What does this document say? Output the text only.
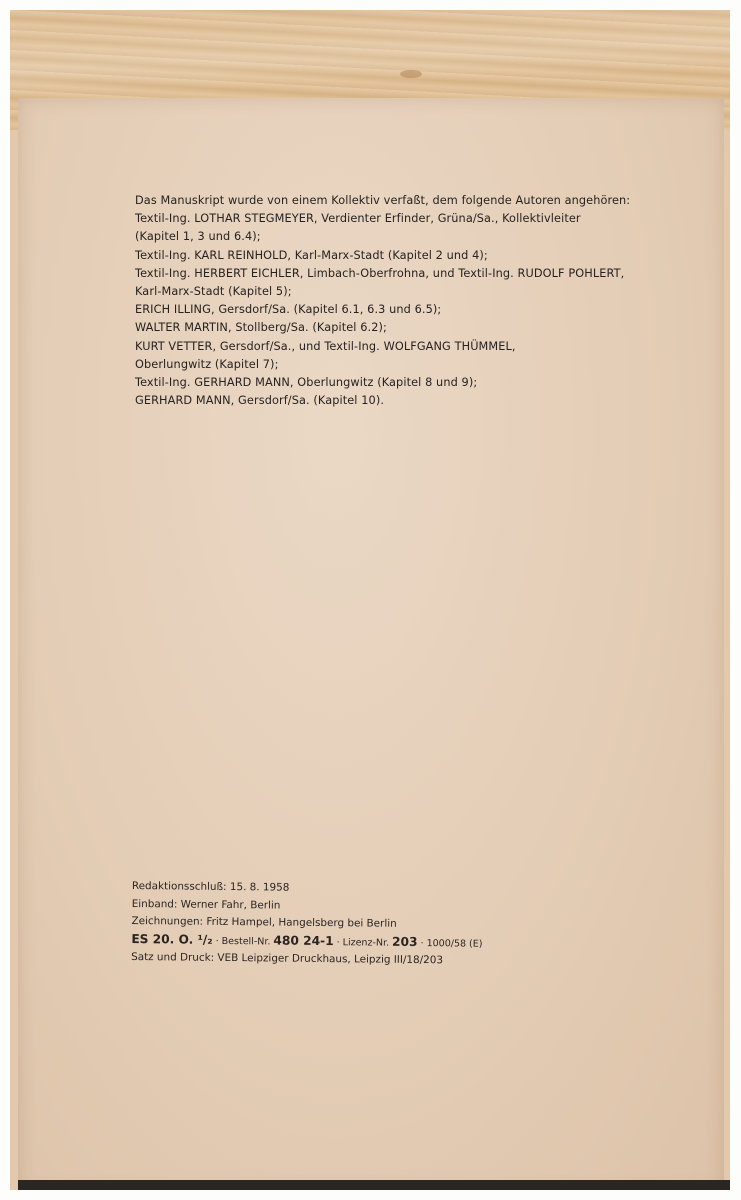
Das Manuskript wurde von einem Kollektiv verfaßt, dem folgende Autoren angehören:
Textil-Ing. LOTHAR STEGMEYER, Verdienter Erfinder, Grüna/Sa., Kollektivleiter
(Kapitel 1, 3 und 6.4);
Textil-Ing. KARL REINHOLD, Karl-Marx-Stadt (Kapitel 2 und 4);
Textil-Ing. HERBERT EICHLER, Limbach-Oberfrohna, und Textil-Ing. RUDOLF POHLERT,
Karl-Marx-Stadt (Kapitel 5);
ERICH ILLING, Gersdorf/Sa. (Kapitel 6.1, 6.3 und 6.5);
WALTER MARTIN, Stollberg/Sa. (Kapitel 6.2);
KURT VETTER, Gersdorf/Sa., und Textil-Ing. WOLFGANG THÜMMEL,
Oberlungwitz (Kapitel 7);
Textil-Ing. GERHARD MANN, Oberlungwitz (Kapitel 8 und 9);
GERHARD MANN, Gersdorf/Sa. (Kapitel 10).
Redaktionsschluß: 15. 8. 1958
Einband: Werner Fahr, Berlin
Zeichnungen: Fritz Hampel, Hangelsberg bei Berlin
ES 20. O. ¹/₂ · Bestell-Nr. 480 24-1 · Lizenz-Nr. 203 · 1000/58 (E)
Satz und Druck: VEB Leipziger Druckhaus, Leipzig III/18/203
